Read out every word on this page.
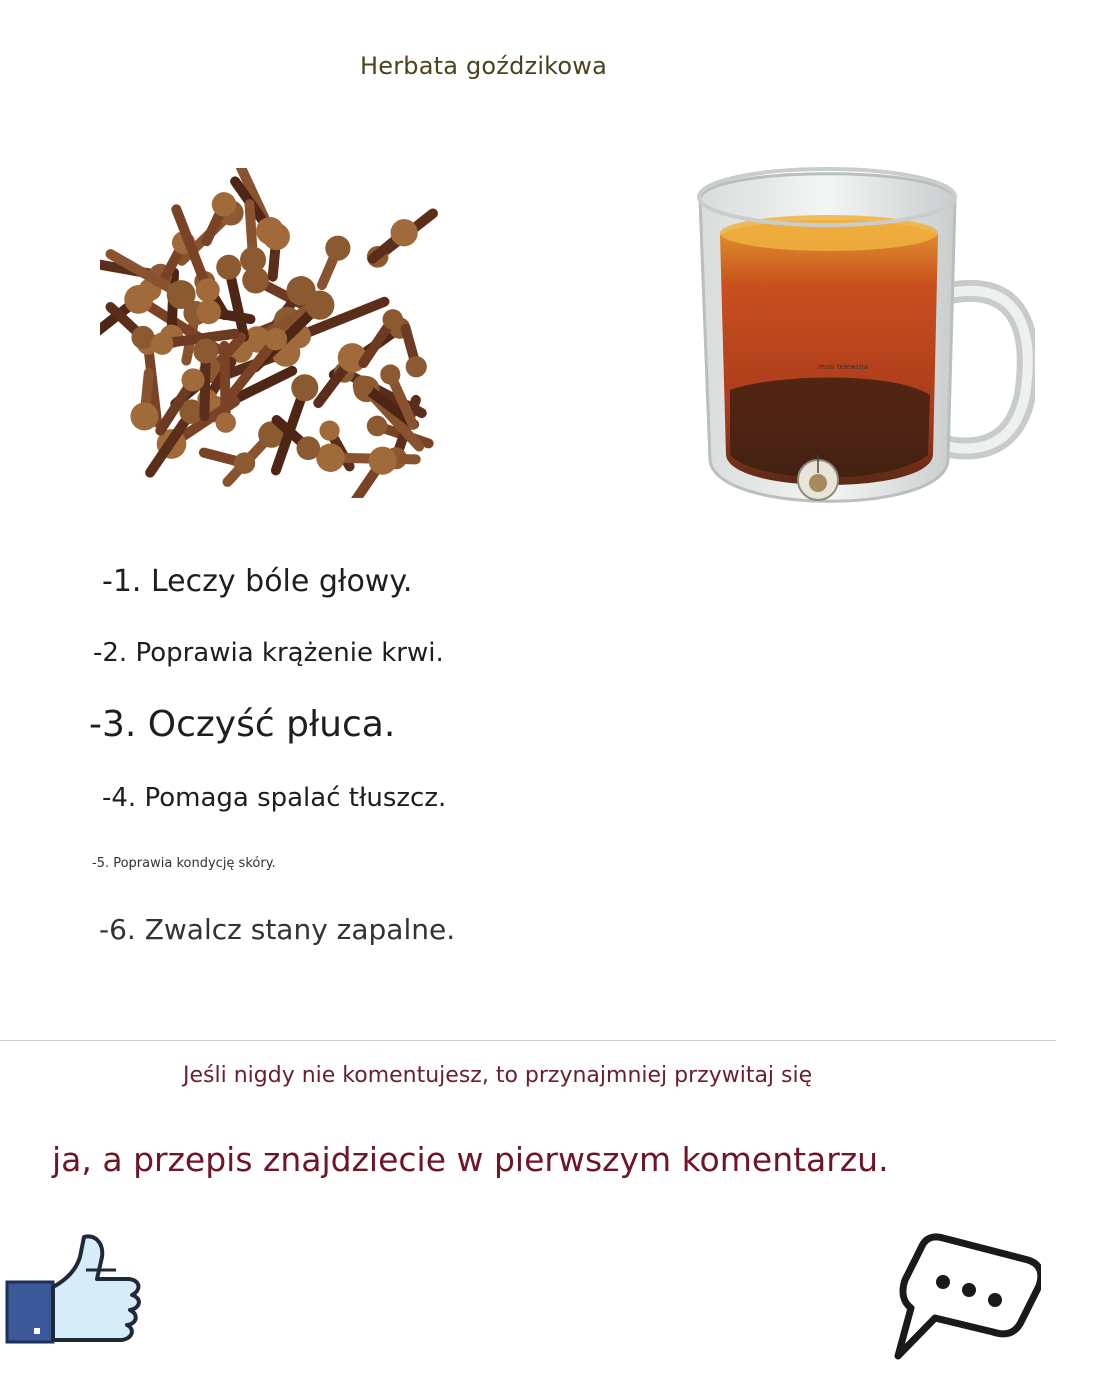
Herbata goździkowa
mosi telewizja
-1. Leczy bóle głowy.
-2. Poprawia krążenie krwi.
-3. Oczyść płuca.
-4. Pomaga spalać tłuszcz.
-5. Poprawia kondycję skóry.
-6. Zwalcz stany zapalne.
Jeśli nigdy nie komentujesz, to przynajmniej przywitaj się
ja, a przepis znajdziecie w pierwszym komentarzu.
